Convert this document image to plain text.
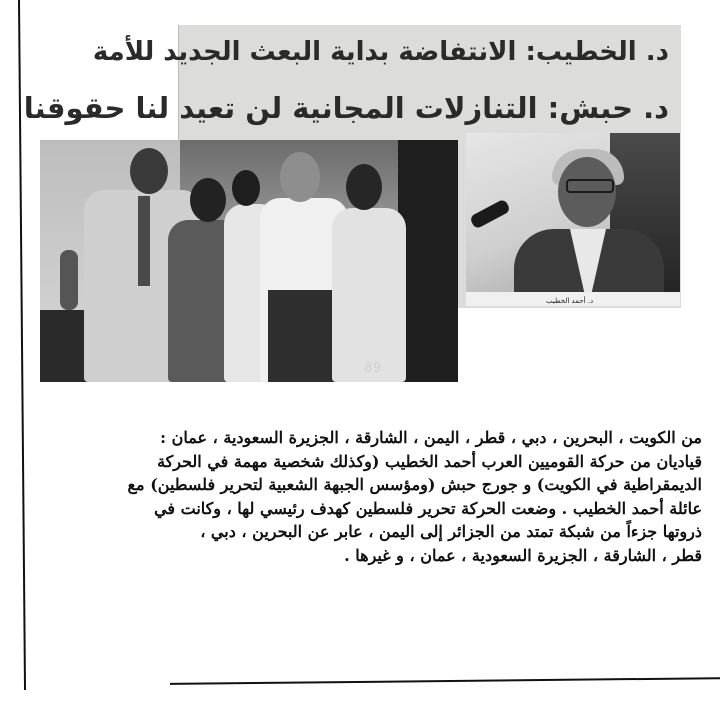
د. الخطيب: الانتفاضة بداية البعث الجديد للأمة
د. حبش: التنازلات المجانية لن تعيد لنا حقوقنا
د. أحمد الخطيب
89
من الكويت ، البحرين ، دبي ، قطر ، اليمن ، الشارقة ، الجزيرة السعودية ، عمان :
قياديان من حركة القوميين العرب أحمد الخطيب (وكذلك شخصية مهمة في الحركة
الديمقراطية في الكويت) و جورج حبش (ومؤسس الجبهة الشعبية لتحرير فلسطين) مع
عائلة أحمد الخطيب . وضعت الحركة تحرير فلسطين كهدف رئيسي لها ، وكانت في
ذروتها جزءاً من شبكة تمتد من الجزائر إلى اليمن ، عابر عن البحرين ، دبي ،
قطر ، الشارقة ، الجزيرة السعودية ، عمان ، و غيرها .
